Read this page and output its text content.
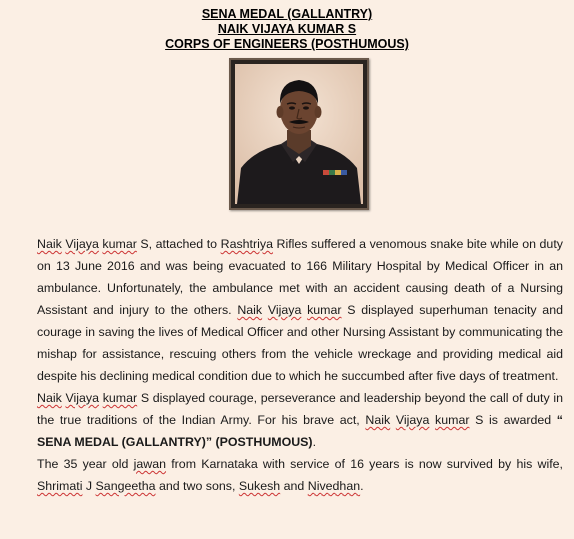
SENA MEDAL (GALLANTRY)
NAIK VIJAYA KUMAR S
CORPS OF ENGINEERS (POSTHUMOUS)

Naik Vijaya kumar S, attached to Rashtriya Rifles suffered a venomous snake bite while on duty on 13 June 2016 and was being evacuated to 166 Military Hospital by Medical Officer in an ambulance. Unfortunately, the ambulance met with an accident causing death of a Nursing Assistant and injury to the others. Naik Vijaya kumar S displayed superhuman tenacity and courage in saving the lives of Medical Officer and other Nursing Assistant by communicating the mishap for assistance, rescuing others from the vehicle wreckage and providing medical aid despite his declining medical condition due to which he succumbed after five days of treatment.

Naik Vijaya kumar S displayed courage, perseverance and leadership beyond the call of duty in the true traditions of the Indian Army. For his brave act, Naik Vijaya kumar S is awarded “ SENA MEDAL (GALLANTRY)” (POSTHUMOUS).

The 35 year old jawan from Karnataka with service of 16 years is now survived by his wife, Shrimati J Sangeetha and two sons, Sukesh and Nivedhan.
